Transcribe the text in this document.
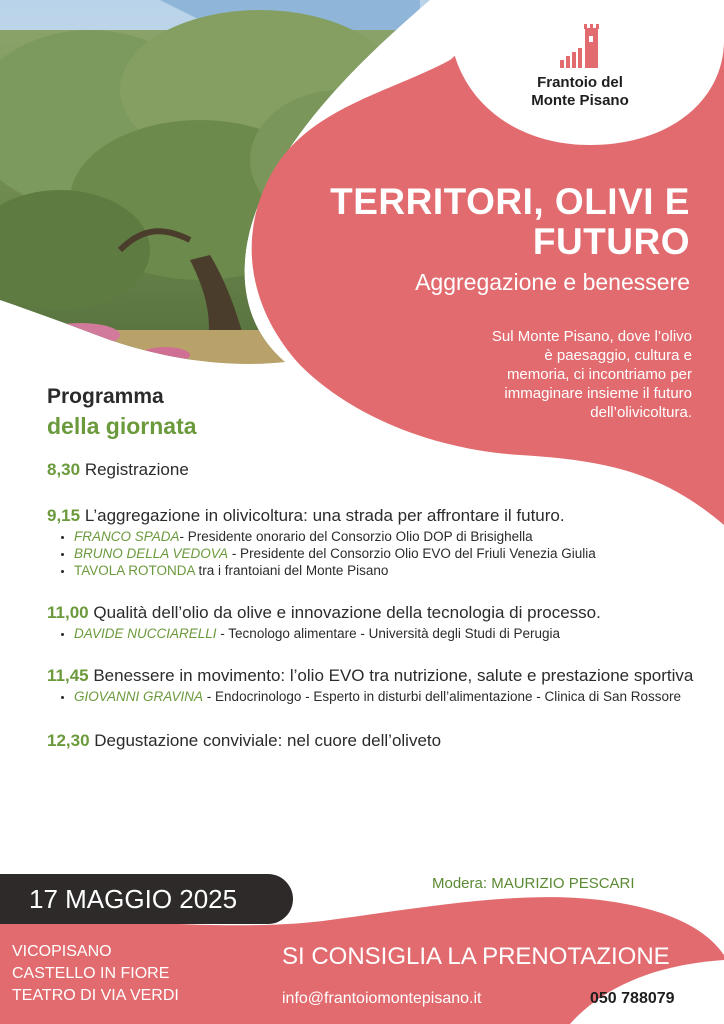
Frantoio del
Monte Pisano
TERRITORI, OLIVI E
FUTURO
Aggregazione e benessere
Sul Monte Pisano, dove l’olivo
è paesaggio, cultura e
memoria, ci incontriamo per
immaginare insieme il futuro
dell’olivicoltura.
Programma
della giornata
8,30 Registrazione
9,15 L’aggregazione in olivicoltura: una strada per affrontare il futuro.
• FRANCO SPADA- Presidente onorario del Consorzio Olio DOP di Brisighella
• BRUNO DELLA VEDOVA - Presidente del Consorzio Olio EVO del Friuli Venezia Giulia
• TAVOLA ROTONDA tra i frantoiani del Monte Pisano
11,00 Qualità dell’olio da olive e innovazione della tecnologia di processo.
• DAVIDE NUCCIARELLI - Tecnologo alimentare - Università degli Studi di Perugia
11,45 Benessere in movimento: l’olio EVO tra nutrizione, salute e prestazione sportiva
• GIOVANNI GRAVINA - Endocrinologo - Esperto in disturbi dell’alimentazione - Clinica di San Rossore
12,30 Degustazione conviviale: nel cuore dell’oliveto
Modera: MAURIZIO PESCARI
17 MAGGIO 2025
VICOPISANO
CASTELLO IN FIORE
TEATRO DI VIA VERDI
SI CONSIGLIA LA PRENOTAZIONE
info@frantoiomontepisano.it	050 788079
